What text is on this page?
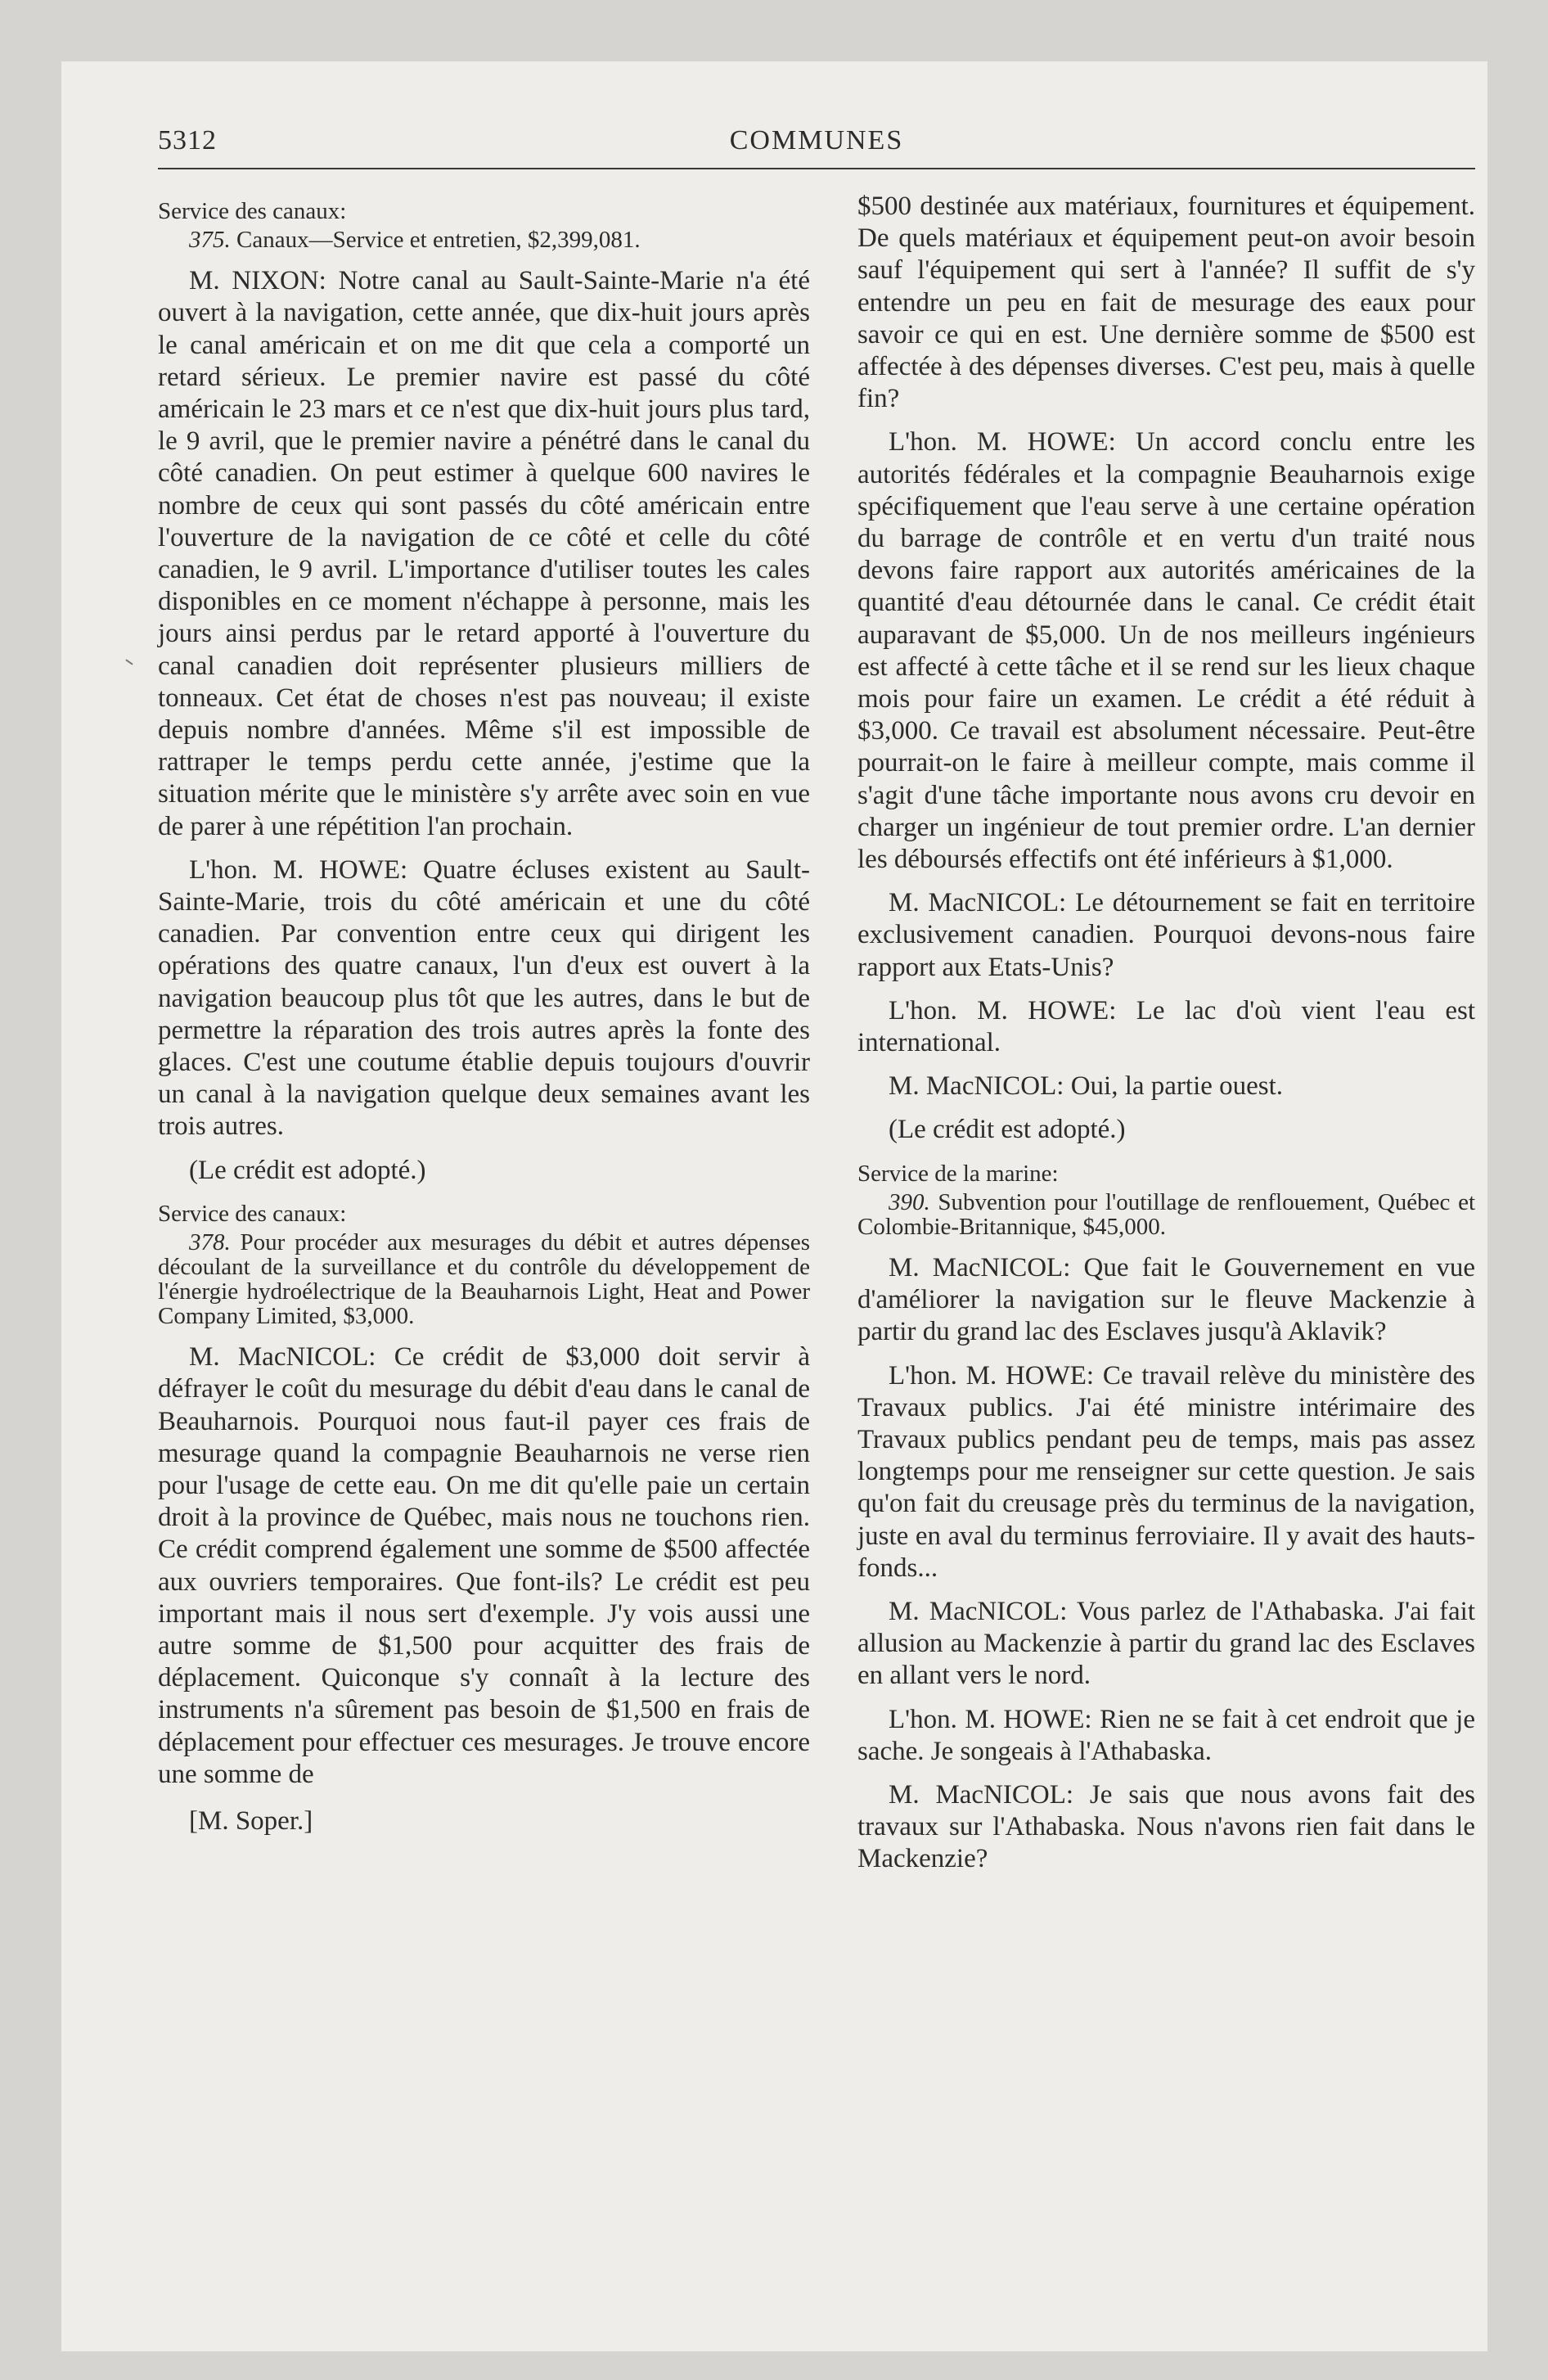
5312	COMMUNES

Service des canaux:

375. Canaux—Service et entretien, $2,399,081.

M. NIXON: Notre canal au Sault-Sainte-Marie n'a été ouvert à la navigation, cette année, que dix-huit jours après le canal américain et on me dit que cela a comporté un retard sérieux. Le premier navire est passé du côté américain le 23 mars et ce n'est que dix-huit jours plus tard, le 9 avril, que le premier navire a pénétré dans le canal du côté canadien. On peut estimer à quelque 600 navires le nombre de ceux qui sont passés du côté américain entre l'ouverture de la navigation de ce côté et celle du côté canadien, le 9 avril. L'importance d'utiliser toutes les cales disponibles en ce moment n'échappe à personne, mais les jours ainsi perdus par le retard apporté à l'ouverture du canal canadien doit représenter plusieurs milliers de tonneaux. Cet état de choses n'est pas nouveau; il existe depuis nombre d'années. Même s'il est impossible de rattraper le temps perdu cette année, j'estime que la situation mérite que le ministère s'y arrête avec soin en vue de parer à une répétition l'an prochain.

L'hon. M. HOWE: Quatre écluses existent au Sault-Sainte-Marie, trois du côté américain et une du côté canadien. Par convention entre ceux qui dirigent les opérations des quatre canaux, l'un d'eux est ouvert à la navigation beaucoup plus tôt que les autres, dans le but de permettre la réparation des trois autres après la fonte des glaces. C'est une coutume établie depuis toujours d'ouvrir un canal à la navigation quelque deux semaines avant les trois autres.

(Le crédit est adopté.)

Service des canaux:

378. Pour procéder aux mesurages du débit et autres dépenses découlant de la surveillance et du contrôle du développement de l'énergie hydroélectrique de la Beauharnois Light, Heat and Power Company Limited, $3,000.

M. MacNICOL: Ce crédit de $3,000 doit servir à défrayer le coût du mesurage du débit d'eau dans le canal de Beauharnois. Pourquoi nous faut-il payer ces frais de mesurage quand la compagnie Beauharnois ne verse rien pour l'usage de cette eau. On me dit qu'elle paie un certain droit à la province de Québec, mais nous ne touchons rien. Ce crédit comprend également une somme de $500 affectée aux ouvriers temporaires. Que font-ils? Le crédit est peu important mais il nous sert d'exemple. J'y vois aussi une autre somme de $1,500 pour acquitter des frais de déplacement. Quiconque s'y connaît à la lecture des instruments n'a sûrement pas besoin de $1,500 en frais de déplacement pour effectuer ces mesurages. Je trouve encore une somme de

[M. Soper.]

$500 destinée aux matériaux, fournitures et équipement. De quels matériaux et équipement peut-on avoir besoin sauf l'équipement qui sert à l'année? Il suffit de s'y entendre un peu en fait de mesurage des eaux pour savoir ce qui en est. Une dernière somme de $500 est affectée à des dépenses diverses. C'est peu, mais à quelle fin?

L'hon. M. HOWE: Un accord conclu entre les autorités fédérales et la compagnie Beauharnois exige spécifiquement que l'eau serve à une certaine opération du barrage de contrôle et en vertu d'un traité nous devons faire rapport aux autorités américaines de la quantité d'eau détournée dans le canal. Ce crédit était auparavant de $5,000. Un de nos meilleurs ingénieurs est affecté à cette tâche et il se rend sur les lieux chaque mois pour faire un examen. Le crédit a été réduit à $3,000. Ce travail est absolument nécessaire. Peut-être pourrait-on le faire à meilleur compte, mais comme il s'agit d'une tâche importante nous avons cru devoir en charger un ingénieur de tout premier ordre. L'an dernier les déboursés effectifs ont été inférieurs à $1,000.

M. MacNICOL: Le détournement se fait en territoire exclusivement canadien. Pourquoi devons-nous faire rapport aux Etats-Unis?

L'hon. M. HOWE: Le lac d'où vient l'eau est international.

M. MacNICOL: Oui, la partie ouest.

(Le crédit est adopté.)

Service de la marine:

390. Subvention pour l'outillage de renflouement, Québec et Colombie-Britannique, $45,000.

M. MacNICOL: Que fait le Gouvernement en vue d'améliorer la navigation sur le fleuve Mackenzie à partir du grand lac des Esclaves jusqu'à Aklavik?

L'hon. M. HOWE: Ce travail relève du ministère des Travaux publics. J'ai été ministre intérimaire des Travaux publics pendant peu de temps, mais pas assez longtemps pour me renseigner sur cette question. Je sais qu'on fait du creusage près du terminus de la navigation, juste en aval du terminus ferroviaire. Il y avait des hauts-fonds...

M. MacNICOL: Vous parlez de l'Athabaska. J'ai fait allusion au Mackenzie à partir du grand lac des Esclaves en allant vers le nord.

L'hon. M. HOWE: Rien ne se fait à cet endroit que je sache. Je songeais à l'Athabaska.

M. MacNICOL: Je sais que nous avons fait des travaux sur l'Athabaska. Nous n'avons rien fait dans le Mackenzie?
